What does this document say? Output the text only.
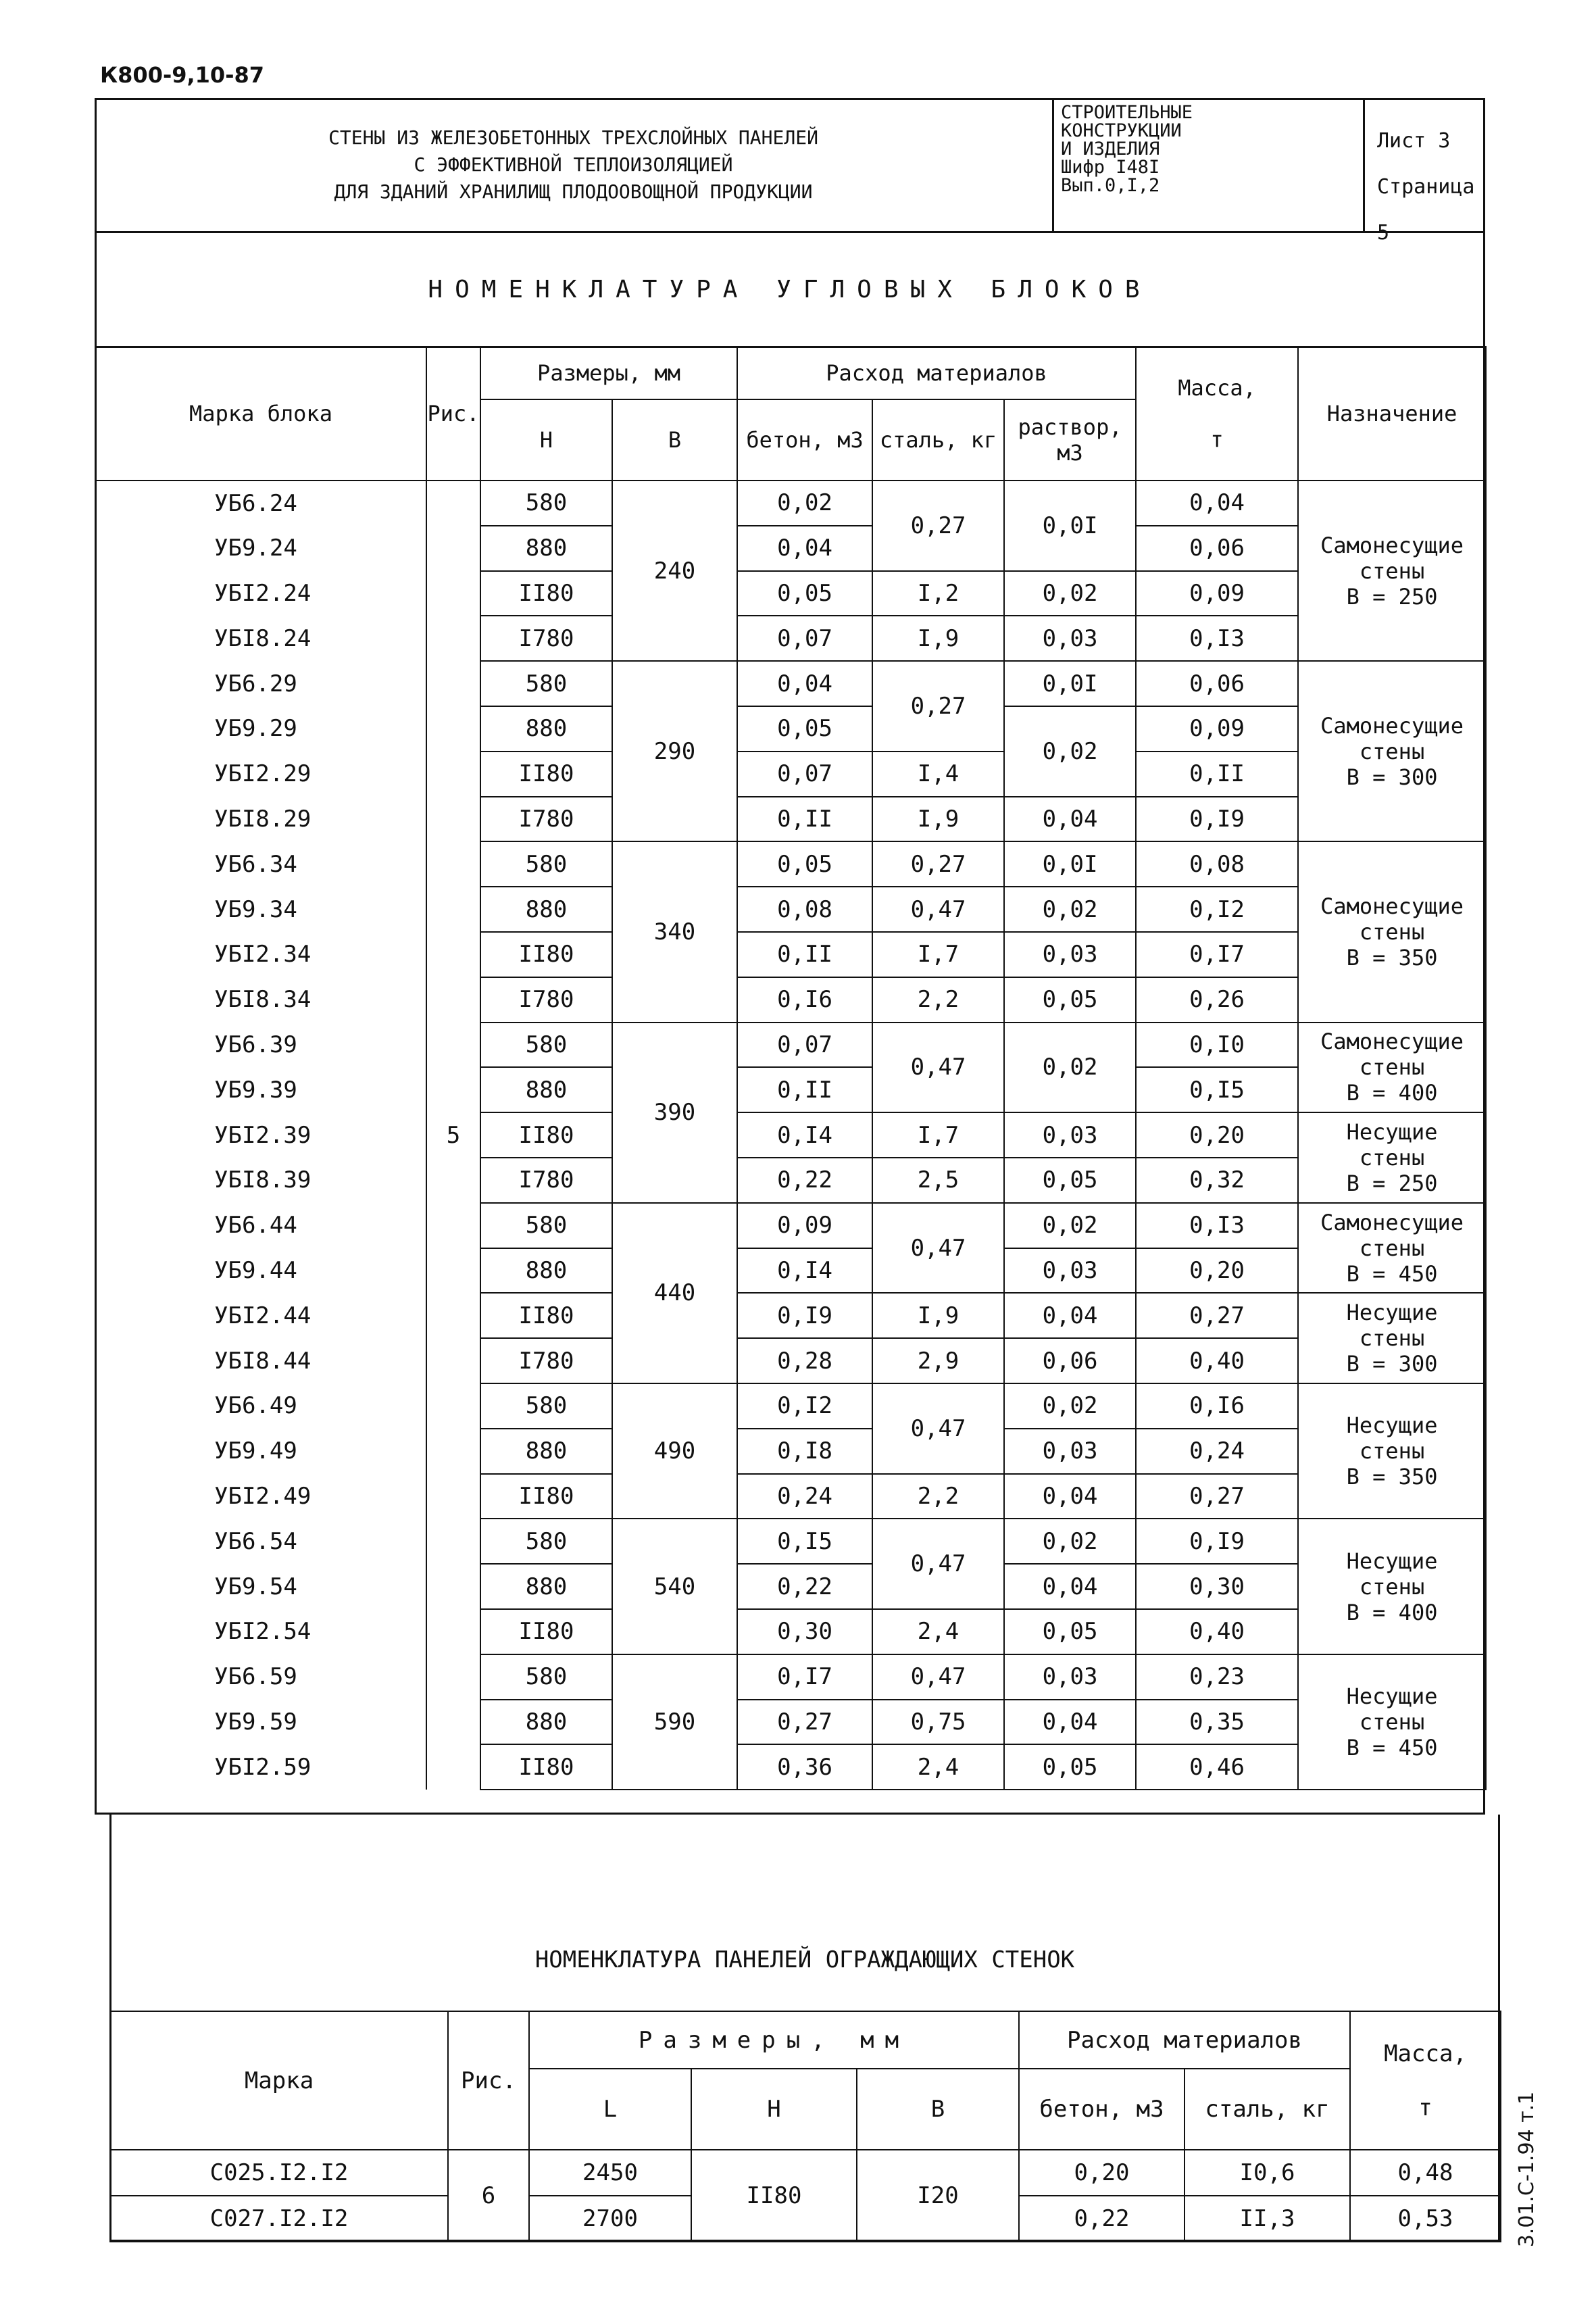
К800-9,10-87
3.01.С-1.94 т.1
СТЕНЫ ИЗ ЖЕЛЕЗОБЕТОННЫХ ТРЕХСЛОЙНЫХ ПАНЕЛЕЙ
С ЭФФЕКТИВНОЙ ТЕПЛОИЗОЛЯЦИЕЙ
ДЛЯ ЗДАНИЙ ХРАНИЛИЩ ПЛОДООВОЩНОЙ ПРОДУКЦИИ
СТРОИТЕЛЬНЫЕ
КОНСТРУКЦИИ
И ИЗДЕЛИЯ
Шифр I48I
Вып.0,I,2
Лист 3
Страница 5
НОМЕНКЛАТУРА УГЛОВЫХ БЛОКОВ
Марка блока	Рис.	Размеры, мм		Расход материалов			Масса,

т	Назначение
		Н	В	бетон, м3	сталь, кг	раствор, м3		
УБ6.24	5	580	240	0,02	0,27	0,0I	0,04	Самонесущие
стены
В = 250

УБ9.24		880		0,04			0,06	
УБI2.24		II80		0,05	I,2	0,02	0,09	
УБI8.24		I780		0,07	I,9	0,03	0,I3	
УБ6.29		580	290	0,04	0,27	0,0I	0,06	Самонесущие
стены
В = 300

УБ9.29		880		0,05		0,02	0,09	
УБI2.29		II80		0,07	I,4		0,II	
УБI8.29		I780		0,II	I,9	0,04	0,I9	
УБ6.34		580	340	0,05	0,27	0,0I	0,08	Самонесущие
стены
В = 350

УБ9.34		880		0,08	0,47	0,02	0,I2	
УБI2.34		II80		0,II	I,7	0,03	0,I7	
УБI8.34		I780		0,I6	2,2	0,05	0,26	
УБ6.39		580	390	0,07	0,47	0,02	0,I0	Самонесущие
стены
В = 400

УБ9.39		880		0,II			0,I5	
УБI2.39		II80		0,I4	I,7	0,03	0,20	Несущие
стены
В = 250

УБI8.39		I780		0,22	2,5	0,05	0,32	
УБ6.44		580	440	0,09	0,47	0,02	0,I3	Самонесущие
стены
В = 450

УБ9.44		880		0,I4		0,03	0,20	
УБI2.44		II80		0,I9	I,9	0,04	0,27	Несущие
стены
В = 300

УБI8.44		I780		0,28	2,9	0,06	0,40	
УБ6.49		580	490	0,I2	0,47	0,02	0,I6	Несущие
стены
В = 350

УБ9.49		880		0,I8		0,03	0,24	
УБI2.49		II80		0,24	2,2	0,04	0,27	
УБ6.54		580	540	0,I5	0,47	0,02	0,I9	Несущие
стены
В = 400

УБ9.54		880		0,22		0,04	0,30	
УБI2.54		II80		0,30	2,4	0,05	0,40	
УБ6.59		580	590	0,I7	0,47	0,03	0,23	Несущие
стены
В = 450

УБ9.59		880		0,27	0,75	0,04	0,35	
УБI2.59		II80		0,36	2,4	0,05	0,46	
НОМЕНКЛАТУРА ПАНЕЛЕЙ ОГРАЖДАЮЩИХ СТЕНОК
Марка	Рис.	Размеры, мм			Расход материалов		Масса,

т
		L	Н	В	бетон, м3	сталь, кг	
С025.I2.I2	6	2450	II80	I20	0,20	I0,6	0,48
С027.I2.I2		2700			0,22	II,3	0,53
